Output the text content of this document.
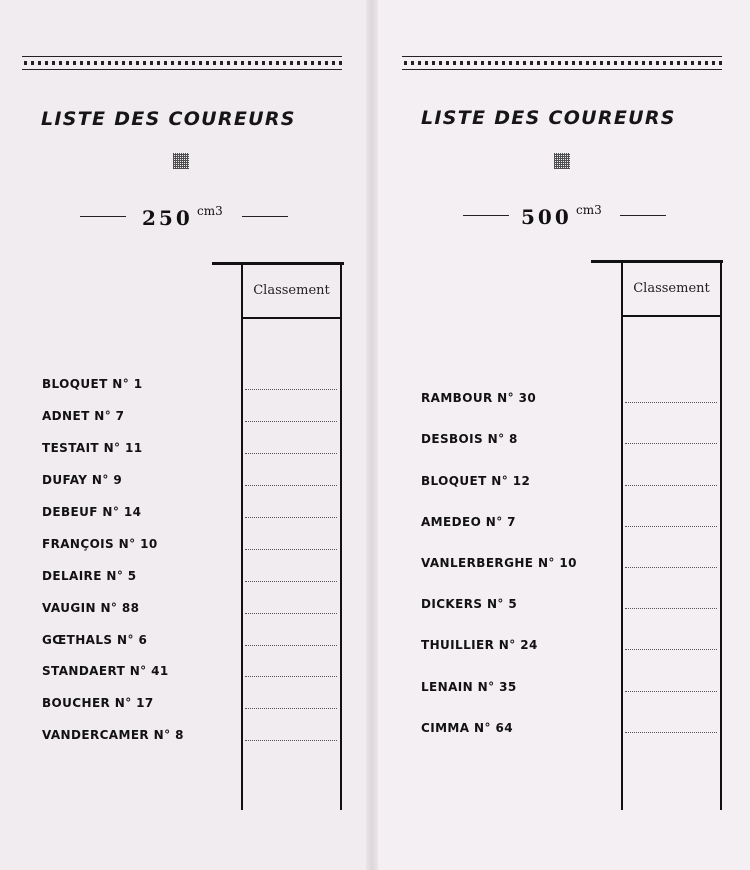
LISTE DES COUREURS
250 cm3
Classement
BLOQUET N° 1
ADNET N° 7
TESTAIT N° 11
DUFAY N° 9
DEBEUF N° 14
FRANÇOIS N° 10
DELAIRE N° 5
VAUGIN N° 88
GŒTHALS N° 6
STANDAERT N° 41
BOUCHER N° 17
VANDERCAMER N° 8
LISTE DES COUREURS
500 cm3
Classement
RAMBOUR N° 30
DESBOIS N° 8
BLOQUET N° 12
AMEDEO N° 7
VANLERBERGHE N° 10
DICKERS N° 5
THUILLIER N° 24
LENAIN N° 35
CIMMA N° 64
